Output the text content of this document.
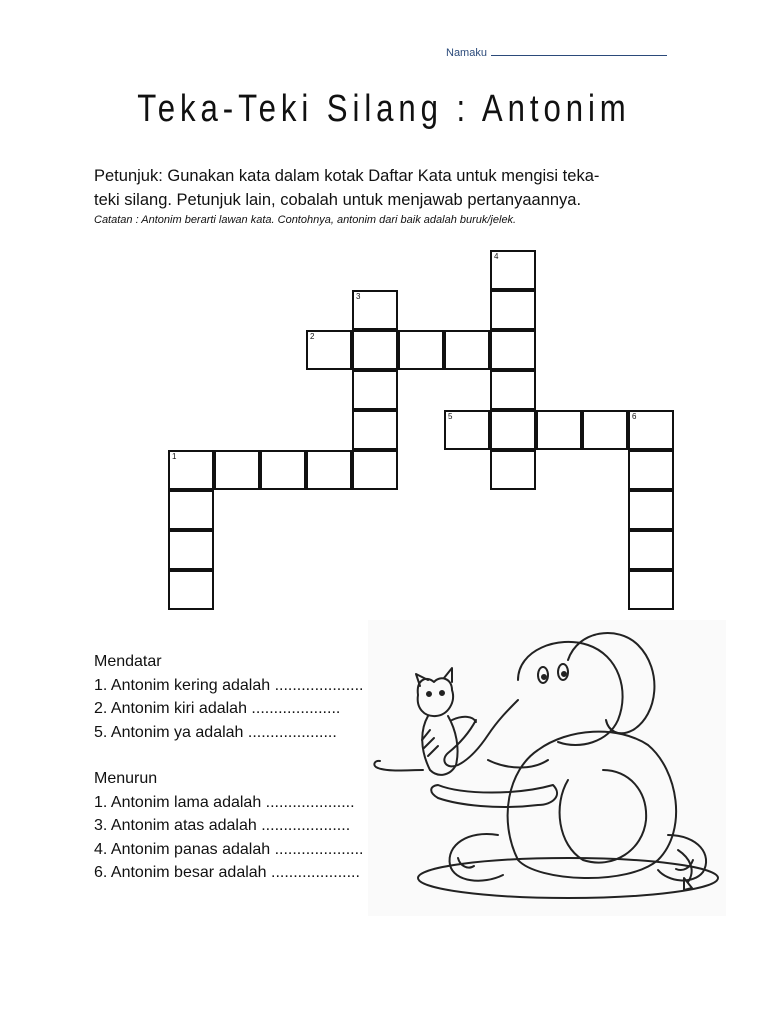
Namaku
Teka-Teki Silang : Antonim
Petunjuk: Gunakan kata dalam kotak Daftar Kata untuk mengisi teka-
teki silang. Petunjuk lain, cobalah untuk menjawab pertanyaannya.
Catatan : Antonim berarti lawan kata. Contohnya, antonim dari baik adalah buruk/jelek.
4
3
2
5	6
1
Mendatar
1. Antonim kering adalah ....................
2. Antonim kiri adalah ....................
5. Antonim ya adalah ....................
Menurun
1. Antonim lama adalah ....................
3. Antonim atas adalah ....................
4. Antonim panas adalah ....................
6. Antonim besar adalah ....................
